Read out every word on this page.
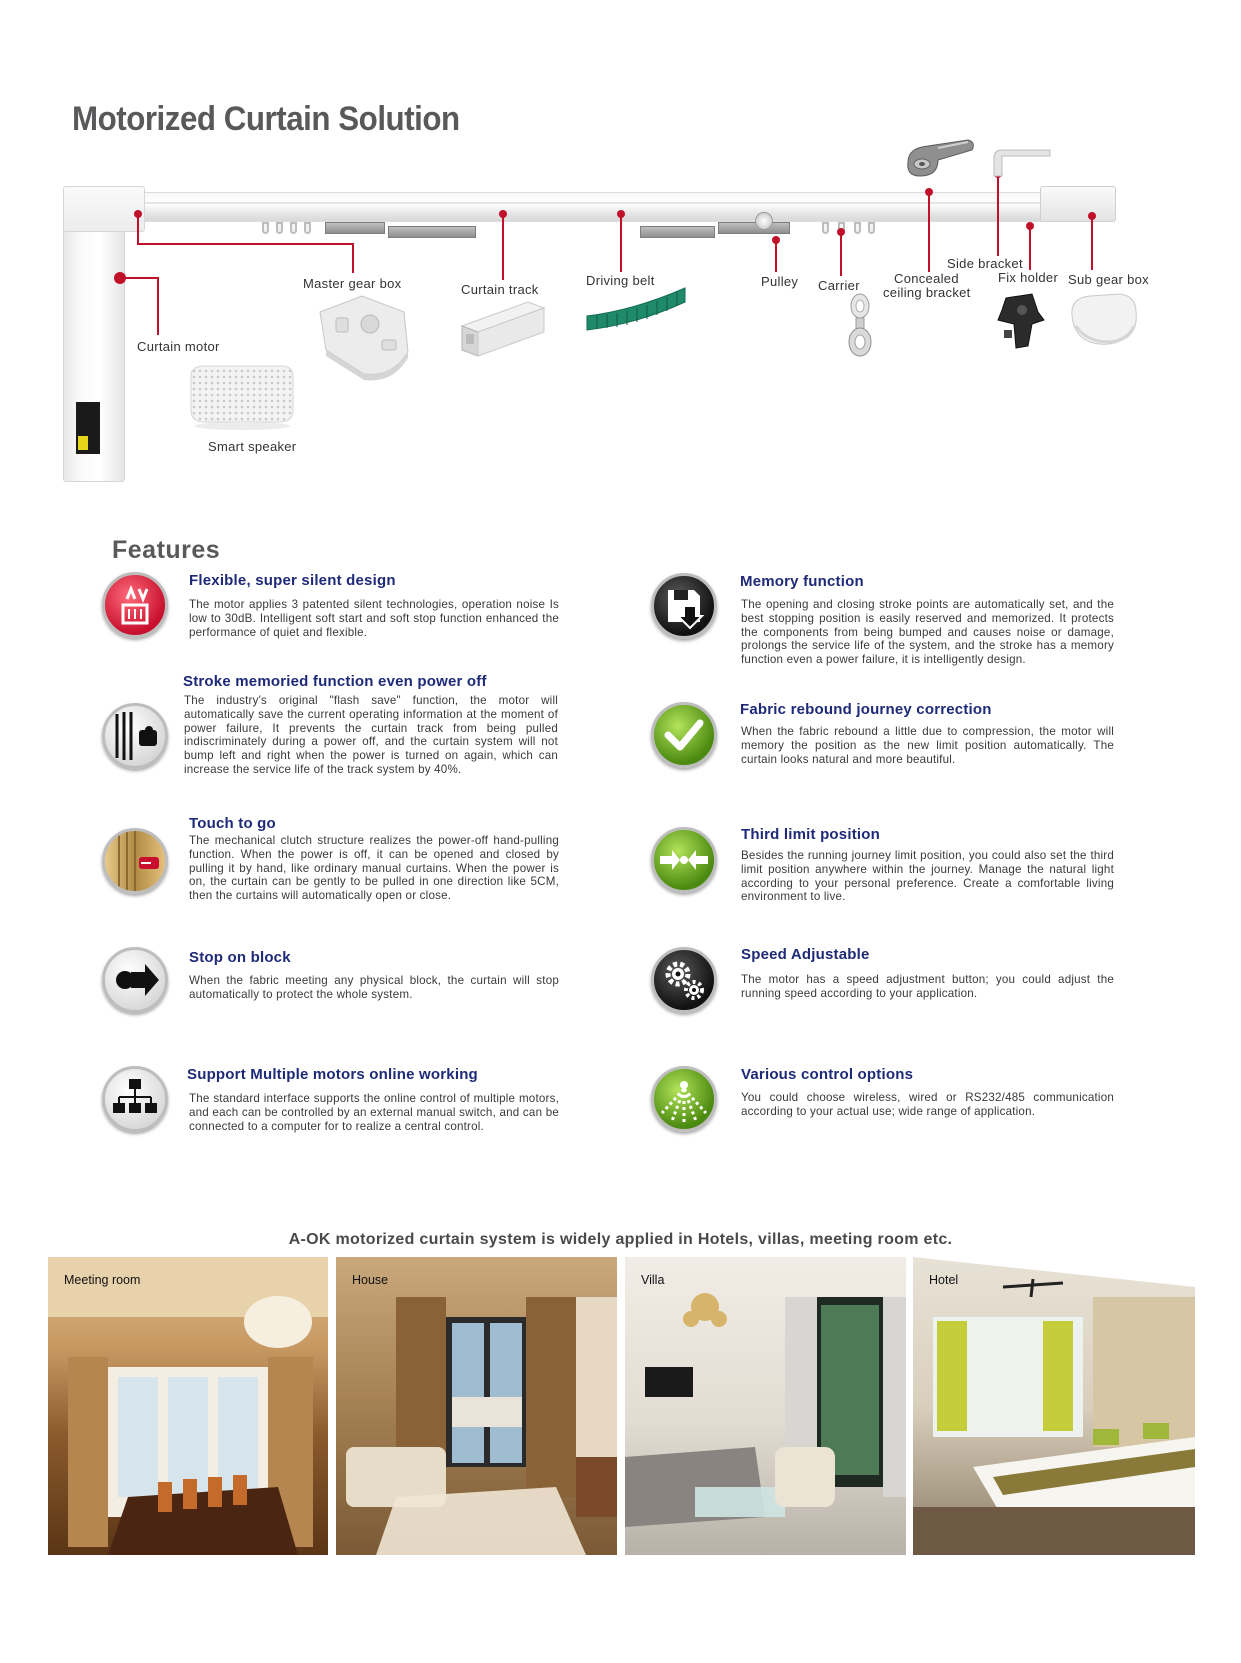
Motorized Curtain Solution
Curtain motor
Master gear box	Curtain track
Driving belt	Pulley Carrier	Concealed
ceiling bracket
Side bracket
Fix holder Sub gear box
Smart speaker
Features
Flexible, super silent design
The motor applies 3 patented silent technologies, operation noise Is low to 30dB. Intelligent soft start and soft stop function enhanced the performance of quiet and flexible.
Stroke memoried function even power off
The industry's original "flash save" function, the motor will automatically save the current operating information at the moment of power failure, It prevents the curtain track from being pulled indiscriminately during a power off, and the curtain system will not bump left and right when the power is turned on again, which can increase the service life of the track system by 40%.
Touch to go
The mechanical clutch structure realizes the power-off hand-pulling function. When the power is off, it can be opened and closed by pulling it by hand, like ordinary manual curtains. When the power is on, the curtain can be gently to be pulled in one direction like 5CM, then the curtains will automatically open or close.
Stop on block
When the fabric meeting any physical block, the curtain will stop automatically to protect the whole system.
Support Multiple motors online working
The standard interface supports the online control of multiple motors, and each can be controlled by an external manual switch, and can be connected to a computer for to realize a central control.
Memory function
The opening and closing stroke points are automatically set, and the best stopping position is easily reserved and memorized. It protects the components from being bumped and causes noise or damage, prolongs the service life of the system, and the stroke has a memory function even a power failure, it is intelligently design.
Fabric rebound journey correction
When the fabric rebound a little due to compression, the motor will memory the position as the new limit position automatically. The curtain looks natural and more beautiful.
Third limit position
Besides the running journey limit position, you could also set the third limit position anywhere within the journey. Manage the natural light according to your personal preference. Create a comfortable living environment to live.
Speed Adjustable
The motor has a speed adjustment button; you could adjust the running speed according to your application.
Various control options
You could choose wireless, wired or RS232/485 communication according to your actual use; wide range of application.
A-OK motorized curtain system is widely applied in Hotels, villas, meeting room etc.
Meeting room	House	Villa	Hotel
